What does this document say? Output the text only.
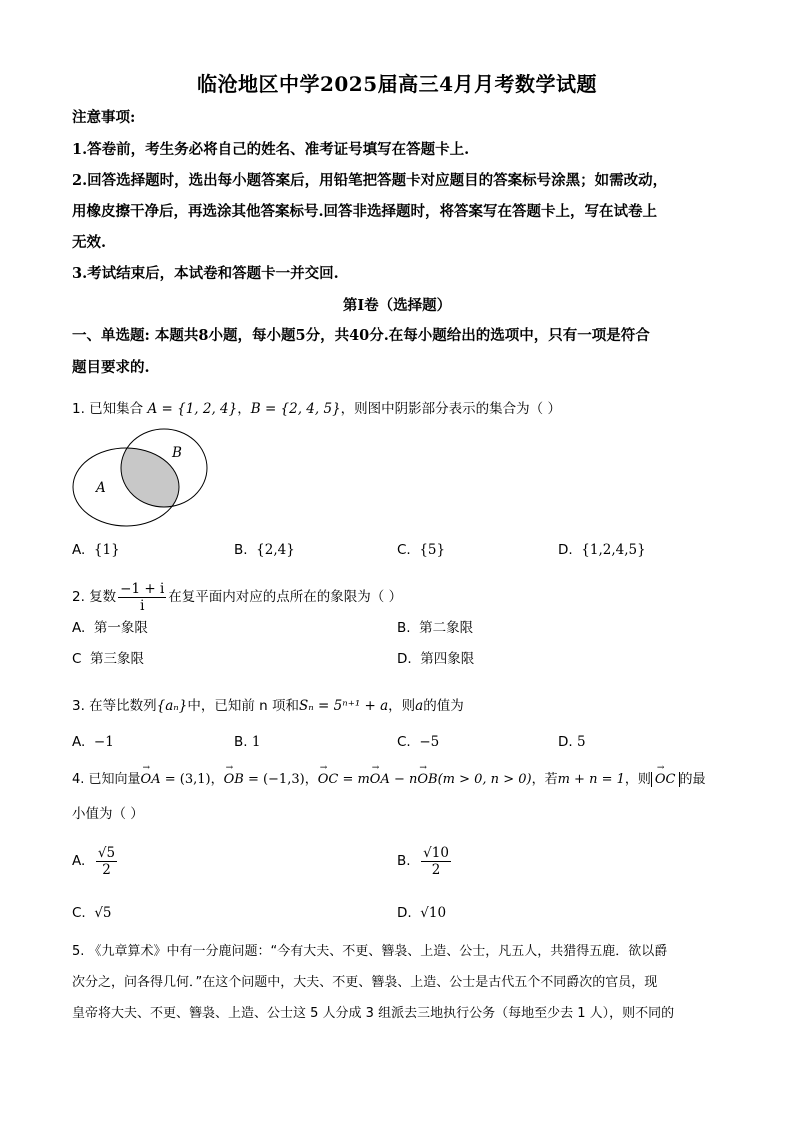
临沧地区中学2025届高三4月月考数学试题
注意事项:
1.答卷前，考生务必将自己的姓名、准考证号填写在答题卡上.
2.回答选择题时，选出每小题答案后，用铅笔把答题卡对应题目的答案标号涂黑；如需改动，
用橡皮擦干净后，再选涂其他答案标号.回答非选择题时，将答案写在答题卡上，写在试卷上
无效.
3.考试结束后，本试卷和答题卡一并交回.
第I卷（选择题）
一、单选题: 本题共8小题，每小题5分，共40分.在每小题给出的选项中，只有一项是符合
题目要求的.
1. 已知集合 A = {1, 2, 4}，B = {2, 4, 5}，则图中阴影部分表示的集合为（ ）
A
B
A. {1}	B. {2,4}	C. {5}	D. {1,2,4,5}
2. 复数 $\frac{-1 + i}{i}$ 在复平面内对应的点所在的象限为（ ）
A. 第一象限	B. 第二象限
C 第三象限	D. 第四象限
3. 在等比数列{aₙ}中，已知前 n 项和Sₙ = 5ⁿ⁺¹ + a，则a的值为
A. −1	B. 1	C. −5	D. 5
4. 已知向量→ OA = (3,1)，→ OB = (−1,3)，→ OC = m→ OA − n→ OB(m > 0, n > 0)，若m + n = 1，则→ OC 的最
小值为（ ）
A. $\frac{√5}{2}$	B. $\frac{√10}{2}$
C. √5	D. √10
5. 《九章算术》中有一分鹿问题：“今有大夫、不更、簪袅、上造、公士，凡五人，共猎得五鹿．欲以爵
次分之，问各得几何．”在这个问题中，大夫、不更、簪袅、上造、公士是古代五个不同爵次的官员，现
皇帝将大夫、不更、簪袅、上造、公士这 5 人分成 3 组派去三地执行公务（每地至少去 1 人），则不同的
